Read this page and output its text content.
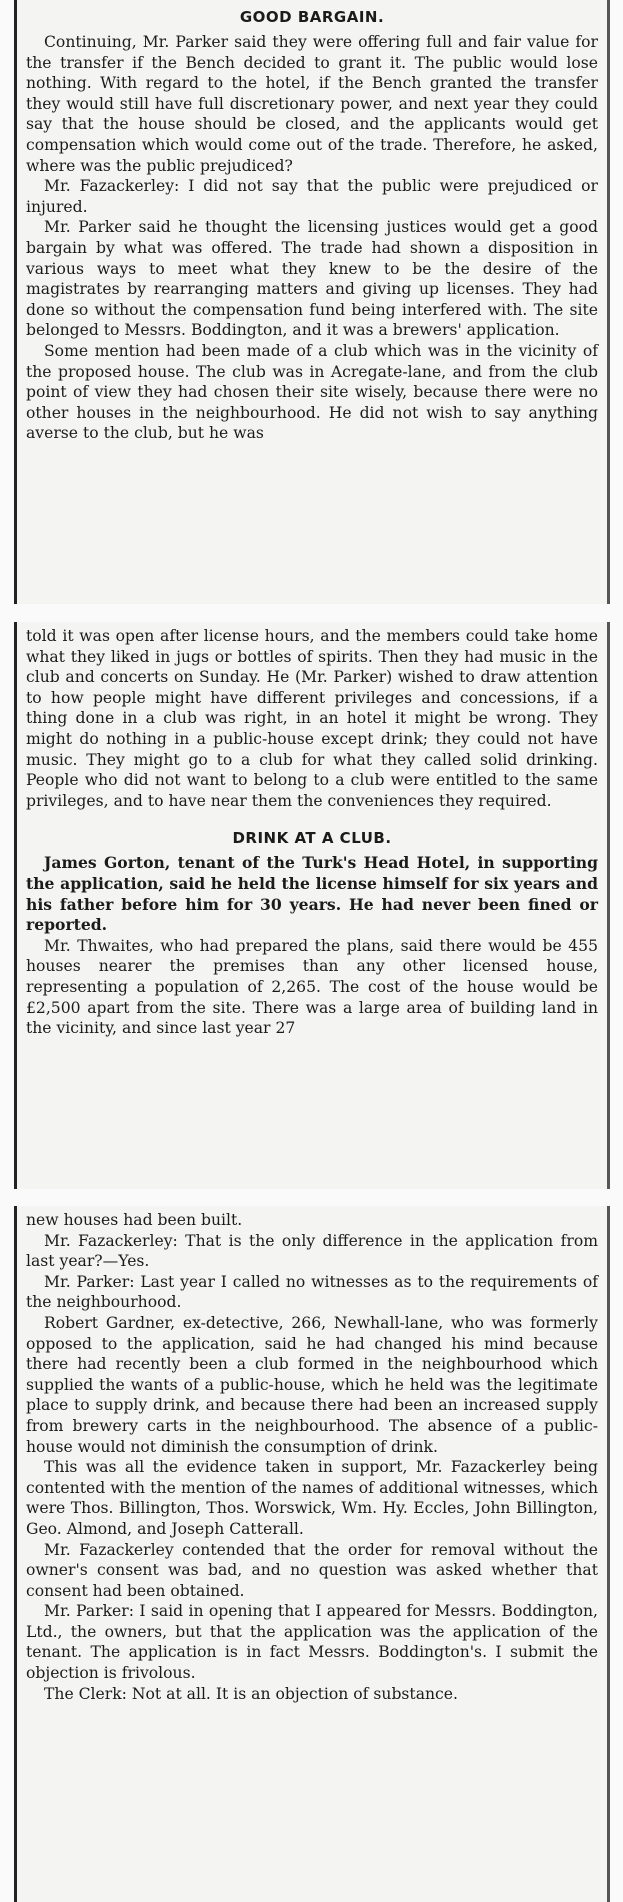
GOOD BARGAIN.

Continuing, Mr. Parker said they were offering full and fair value for the transfer if the Bench decided to grant it. The public would lose nothing. With regard to the hotel, if the Bench granted the transfer they would still have full discretionary power, and next year they could say that the house should be closed, and the applicants would get compensation which would come out of the trade. Therefore, he asked, where was the public prejudiced?

Mr. Fazackerley: I did not say that the public were prejudiced or injured.

Mr. Parker said he thought the licensing justices would get a good bargain by what was offered. The trade had shown a disposition in various ways to meet what they knew to be the desire of the magistrates by rearranging matters and giving up licenses. They had done so without the compensation fund being interfered with. The site belonged to Messrs. Boddington, and it was a brewers' application.

Some mention had been made of a club which was in the vicinity of the proposed house. The club was in Acregate-lane, and from the club point of view they had chosen their site wisely, because there were no other houses in the neighbourhood. He did not wish to say anything averse to the club, but he was

told it was open after license hours, and the members could take home what they liked in jugs or bottles of spirits. Then they had music in the club and concerts on Sunday. He (Mr. Parker) wished to draw attention to how people might have different privileges and concessions, if a thing done in a club was right, in an hotel it might be wrong. They might do nothing in a public-house except drink; they could not have music. They might go to a club for what they called solid drinking. People who did not want to belong to a club were entitled to the same privileges, and to have near them the conveniences they required.

DRINK AT A CLUB.

James Gorton, tenant of the Turk's Head Hotel, in supporting the application, said he held the license himself for six years and his father before him for 30 years. He had never been fined or reported.

Mr. Thwaites, who had prepared the plans, said there would be 455 houses nearer the premises than any other licensed house, representing a population of 2,265. The cost of the house would be £2,500 apart from the site. There was a large area of building land in the vicinity, and since last year 27

new houses had been built.

Mr. Fazackerley: That is the only difference in the application from last year?—Yes.

Mr. Parker: Last year I called no witnesses as to the requirements of the neighbourhood.

Robert Gardner, ex-detective, 266, Newhall-lane, who was formerly opposed to the application, said he had changed his mind because there had recently been a club formed in the neighbourhood which supplied the wants of a public-house, which he held was the legitimate place to supply drink, and because there had been an increased supply from brewery carts in the neighbourhood. The absence of a public-house would not diminish the consumption of drink.

This was all the evidence taken in support, Mr. Fazackerley being contented with the mention of the names of additional witnesses, which were Thos. Billington, Thos. Worswick, Wm. Hy. Eccles, John Billington, Geo. Almond, and Joseph Catterall.

Mr. Fazackerley contended that the order for removal without the owner's consent was bad, and no question was asked whether that consent had been obtained.

Mr. Parker: I said in opening that I appeared for Messrs. Boddington, Ltd., the owners, but that the application was the application of the tenant. The application is in fact Messrs. Boddington's. I submit the objection is frivolous.

The Clerk: Not at all. It is an objection of substance.
